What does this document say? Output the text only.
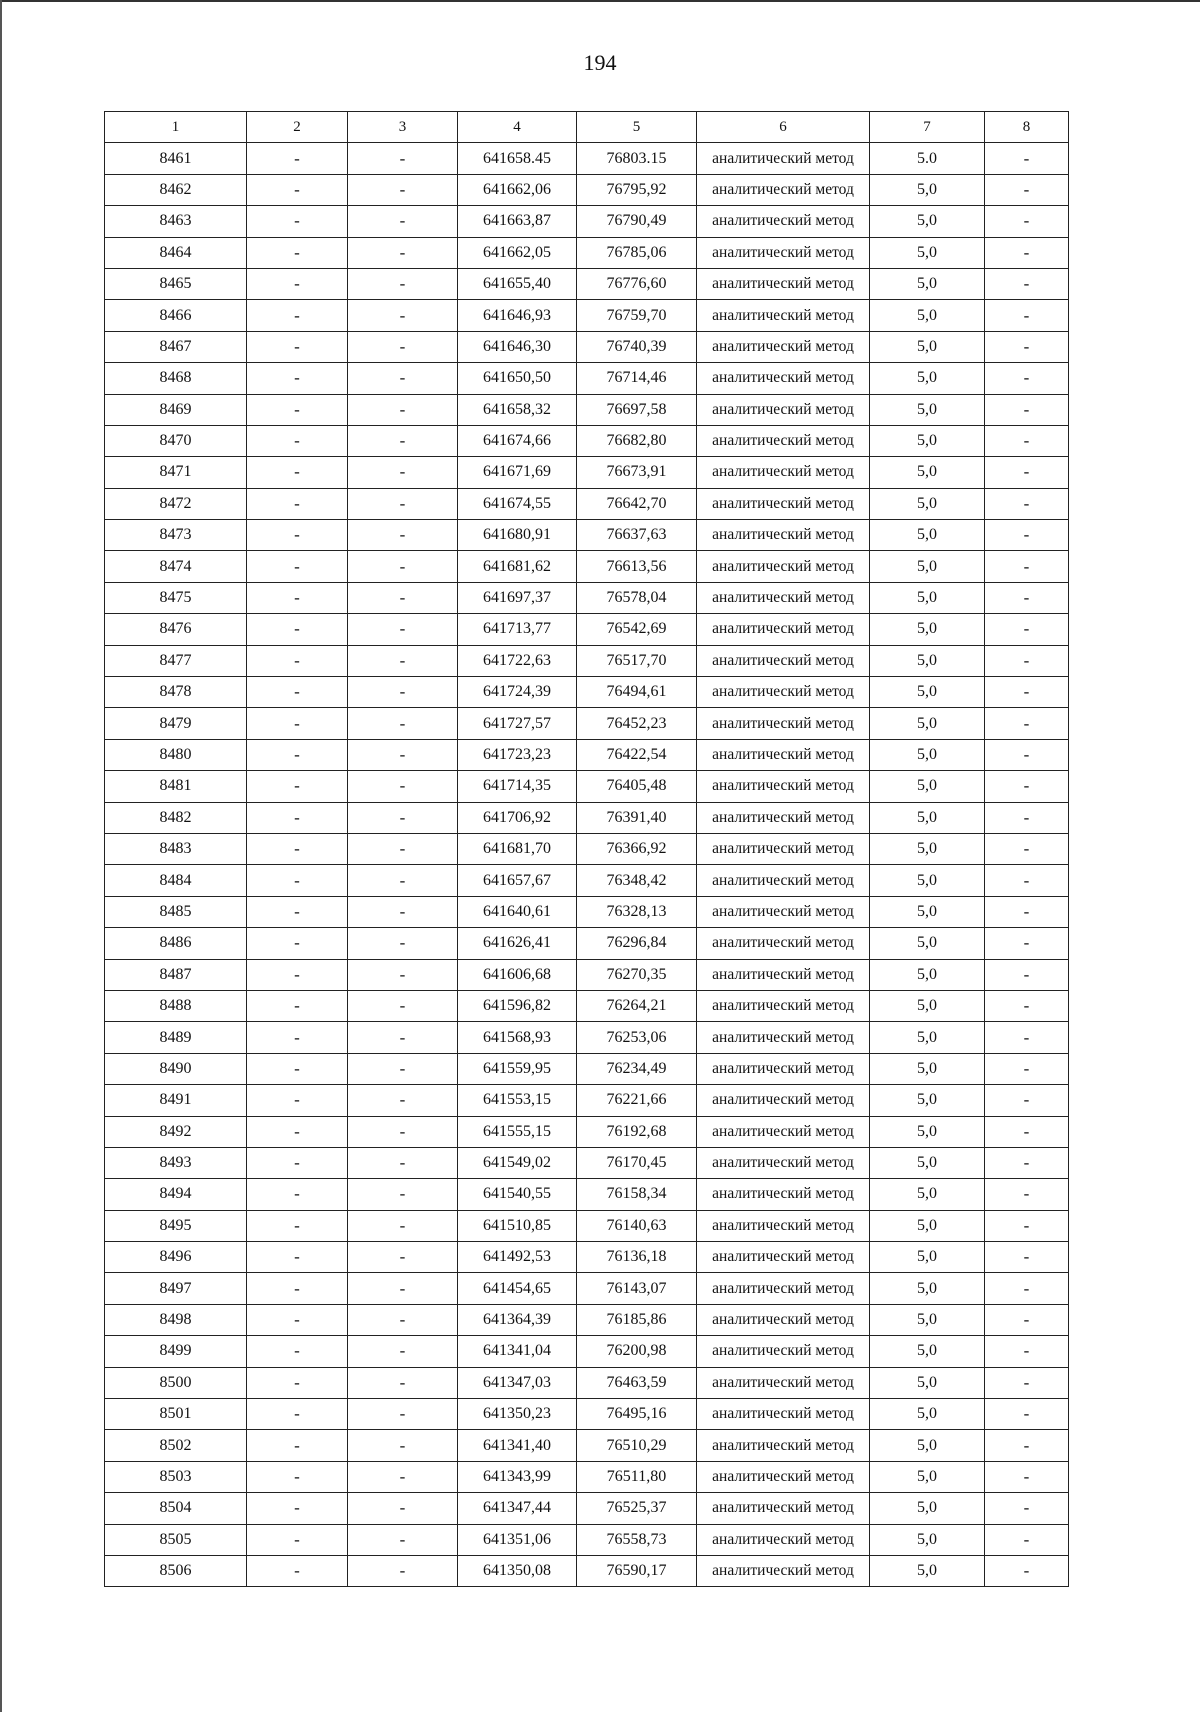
194
1	2	3	4	5	6	7	8
8461	-	-	641658.45	76803.15	аналитический метод	5.0	-
8462	-	-	641662,06	76795,92	аналитический метод	5,0	-
8463	-	-	641663,87	76790,49	аналитический метод	5,0	-
8464	-	-	641662,05	76785,06	аналитический метод	5,0	-
8465	-	-	641655,40	76776,60	аналитический метод	5,0	-
8466	-	-	641646,93	76759,70	аналитический метод	5,0	-
8467	-	-	641646,30	76740,39	аналитический метод	5,0	-
8468	-	-	641650,50	76714,46	аналитический метод	5,0	-
8469	-	-	641658,32	76697,58	аналитический метод	5,0	-
8470	-	-	641674,66	76682,80	аналитический метод	5,0	-
8471	-	-	641671,69	76673,91	аналитический метод	5,0	-
8472	-	-	641674,55	76642,70	аналитический метод	5,0	-
8473	-	-	641680,91	76637,63	аналитический метод	5,0	-
8474	-	-	641681,62	76613,56	аналитический метод	5,0	-
8475	-	-	641697,37	76578,04	аналитический метод	5,0	-
8476	-	-	641713,77	76542,69	аналитический метод	5,0	-
8477	-	-	641722,63	76517,70	аналитический метод	5,0	-
8478	-	-	641724,39	76494,61	аналитический метод	5,0	-
8479	-	-	641727,57	76452,23	аналитический метод	5,0	-
8480	-	-	641723,23	76422,54	аналитический метод	5,0	-
8481	-	-	641714,35	76405,48	аналитический метод	5,0	-
8482	-	-	641706,92	76391,40	аналитический метод	5,0	-
8483	-	-	641681,70	76366,92	аналитический метод	5,0	-
8484	-	-	641657,67	76348,42	аналитический метод	5,0	-
8485	-	-	641640,61	76328,13	аналитический метод	5,0	-
8486	-	-	641626,41	76296,84	аналитический метод	5,0	-
8487	-	-	641606,68	76270,35	аналитический метод	5,0	-
8488	-	-	641596,82	76264,21	аналитический метод	5,0	-
8489	-	-	641568,93	76253,06	аналитический метод	5,0	-
8490	-	-	641559,95	76234,49	аналитический метод	5,0	-
8491	-	-	641553,15	76221,66	аналитический метод	5,0	-
8492	-	-	641555,15	76192,68	аналитический метод	5,0	-
8493	-	-	641549,02	76170,45	аналитический метод	5,0	-
8494	-	-	641540,55	76158,34	аналитический метод	5,0	-
8495	-	-	641510,85	76140,63	аналитический метод	5,0	-
8496	-	-	641492,53	76136,18	аналитический метод	5,0	-
8497	-	-	641454,65	76143,07	аналитический метод	5,0	-
8498	-	-	641364,39	76185,86	аналитический метод	5,0	-
8499	-	-	641341,04	76200,98	аналитический метод	5,0	-
8500	-	-	641347,03	76463,59	аналитический метод	5,0	-
8501	-	-	641350,23	76495,16	аналитический метод	5,0	-
8502	-	-	641341,40	76510,29	аналитический метод	5,0	-
8503	-	-	641343,99	76511,80	аналитический метод	5,0	-
8504	-	-	641347,44	76525,37	аналитический метод	5,0	-
8505	-	-	641351,06	76558,73	аналитический метод	5,0	-
8506	-	-	641350,08	76590,17	аналитический метод	5,0	-
